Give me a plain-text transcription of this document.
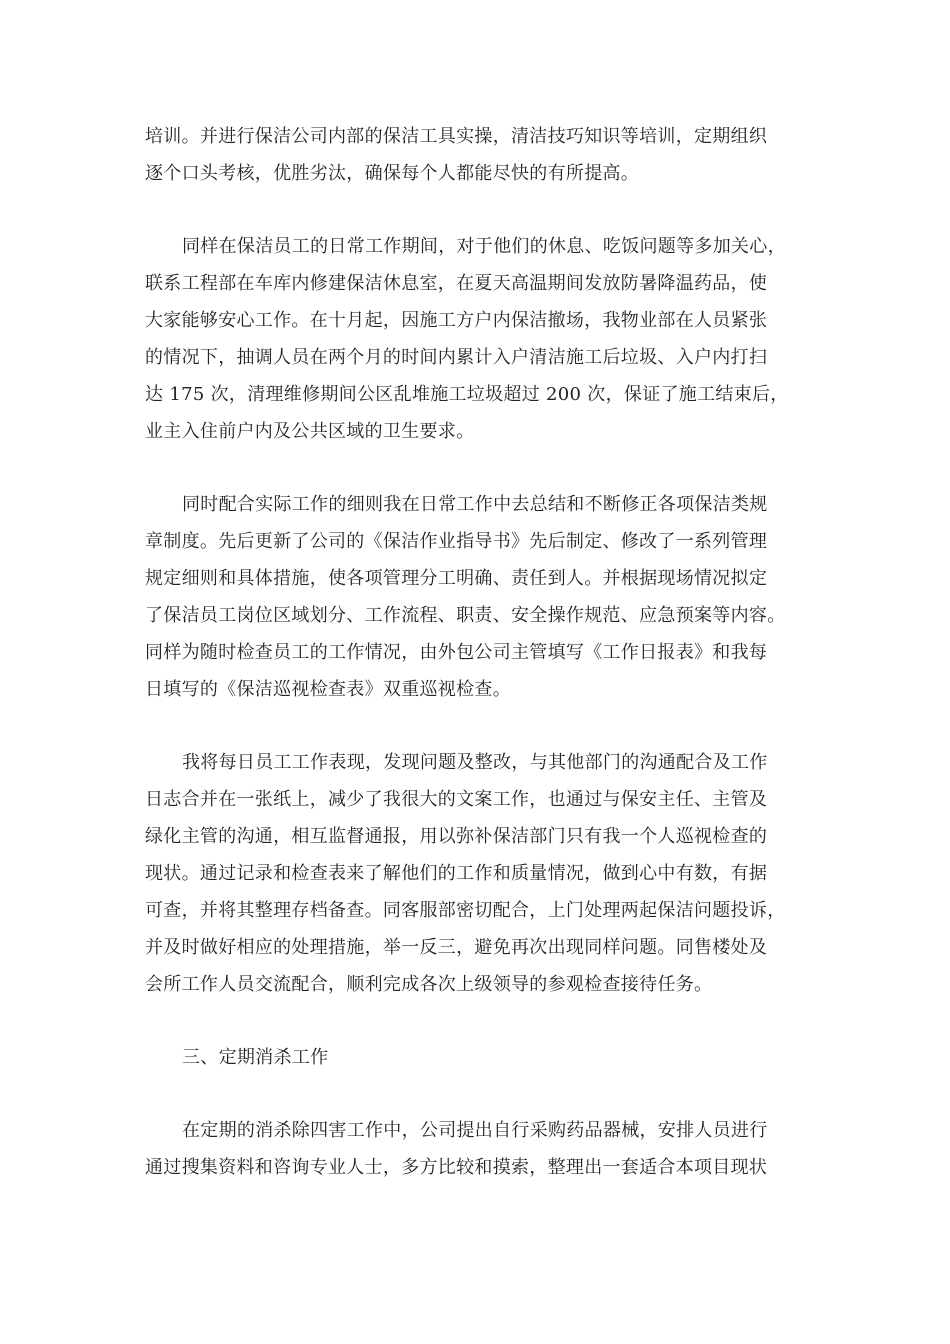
培训。并进行保洁公司内部的保洁工具实操，清洁技巧知识等培训，定期组织
逐个口头考核，优胜劣汰，确保每个人都能尽快的有所提高。

同样在保洁员工的日常工作期间，对于他们的休息、吃饭问题等多加关心，
联系工程部在车库内修建保洁休息室，在夏天高温期间发放防暑降温药品，使
大家能够安心工作。在十月起，因施工方户内保洁撤场，我物业部在人员紧张
的情况下，抽调人员在两个月的时间内累计入户清洁施工后垃圾、入户内打扫
达 175 次，清理维修期间公区乱堆施工垃圾超过 200 次，保证了施工结束后，
业主入住前户内及公共区域的卫生要求。

同时配合实际工作的细则我在日常工作中去总结和不断修正各项保洁类规
章制度。先后更新了公司的《保洁作业指导书》先后制定、修改了一系列管理
规定细则和具体措施，使各项管理分工明确、责任到人。并根据现场情况拟定
了保洁员工岗位区域划分、工作流程、职责、安全操作规范、应急预案等内容。
同样为随时检查员工的工作情况，由外包公司主管填写《工作日报表》和我每
日填写的《保洁巡视检查表》双重巡视检查。

我将每日员工工作表现，发现问题及整改，与其他部门的沟通配合及工作
日志合并在一张纸上，减少了我很大的文案工作，也通过与保安主任、主管及
绿化主管的沟通，相互监督通报，用以弥补保洁部门只有我一个人巡视检查的
现状。通过记录和检查表来了解他们的工作和质量情况，做到心中有数，有据
可查，并将其整理存档备查。同客服部密切配合，上门处理两起保洁问题投诉，
并及时做好相应的处理措施，举一反三，避免再次出现同样问题。同售楼处及
会所工作人员交流配合，顺利完成各次上级领导的参观检查接待任务。

三、定期消杀工作

在定期的消杀除四害工作中，公司提出自行采购药品器械，安排人员进行
通过搜集资料和咨询专业人士，多方比较和摸索，整理出一套适合本项目现状
